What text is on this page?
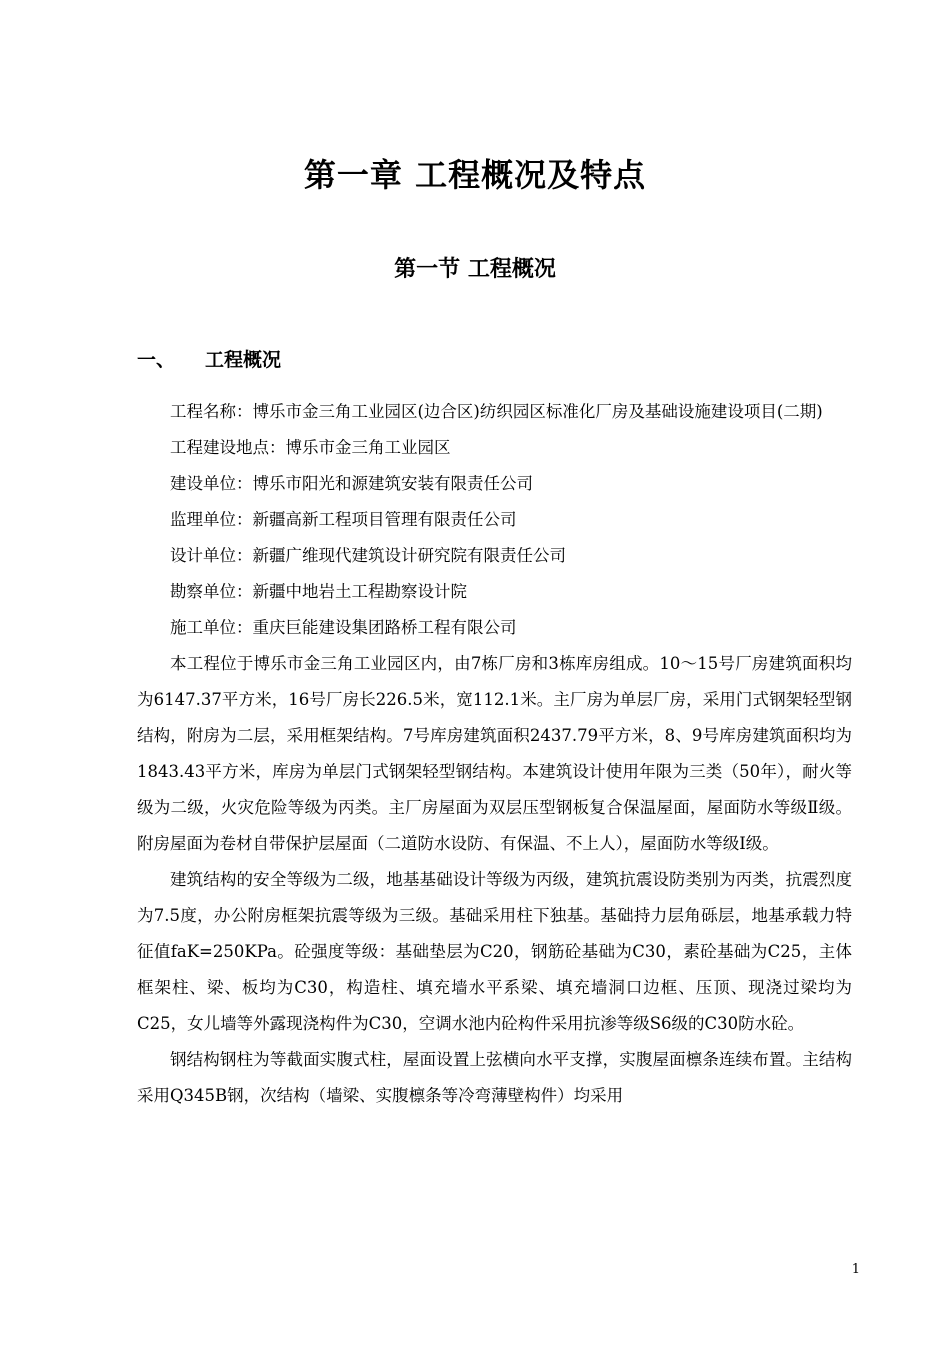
第一章 工程概况及特点
第一节 工程概况
一、 工程概况

工程名称：博乐市金三角工业园区(边合区)纺织园区标准化厂房及基础设施建设项目(二期)

工程建设地点：博乐市金三角工业园区

建设单位：博乐市阳光和源建筑安装有限责任公司

监理单位：新疆高新工程项目管理有限责任公司

设计单位：新疆广维现代建筑设计研究院有限责任公司

勘察单位：新疆中地岩土工程勘察设计院

施工单位：重庆巨能建设集团路桥工程有限公司

本工程位于博乐市金三角工业园区内，由7栋厂房和3栋库房组成。10～15号厂房建筑面积均为6147.37平方米，16号厂房长226.5米，宽112.1米。主厂房为单层厂房，采用门式钢架轻型钢结构，附房为二层，采用框架结构。7号库房建筑面积2437.79平方米，8、9号库房建筑面积均为1843.43平方米，库房为单层门式钢架轻型钢结构。本建筑设计使用年限为三类（50年），耐火等级为二级，火灾危险等级为丙类。主厂房屋面为双层压型钢板复合保温屋面，屋面防水等级Ⅱ级。附房屋面为卷材自带保护层屋面（二道防水设防、有保温、不上人），屋面防水等级Ⅰ级。

建筑结构的安全等级为二级，地基基础设计等级为丙级，建筑抗震设防类别为丙类，抗震烈度为7.5度，办公附房框架抗震等级为三级。基础采用柱下独基。基础持力层角砾层，地基承载力特征值faK=250KPa。砼强度等级：基础垫层为C20，钢筋砼基础为C30，素砼基础为C25，主体框架柱、梁、板均为C30，构造柱、填充墙水平系梁、填充墙洞口边框、压顶、现浇过梁均为C25，女儿墙等外露现浇构件为C30，空调水池内砼构件采用抗渗等级S6级的C30防水砼。

钢结构钢柱为等截面实腹式柱，屋面设置上弦横向水平支撑，实腹屋面檩条连续布置。主结构采用Q345B钢，次结构（墙梁、实腹檩条等冷弯薄壁构件）均采用

1
